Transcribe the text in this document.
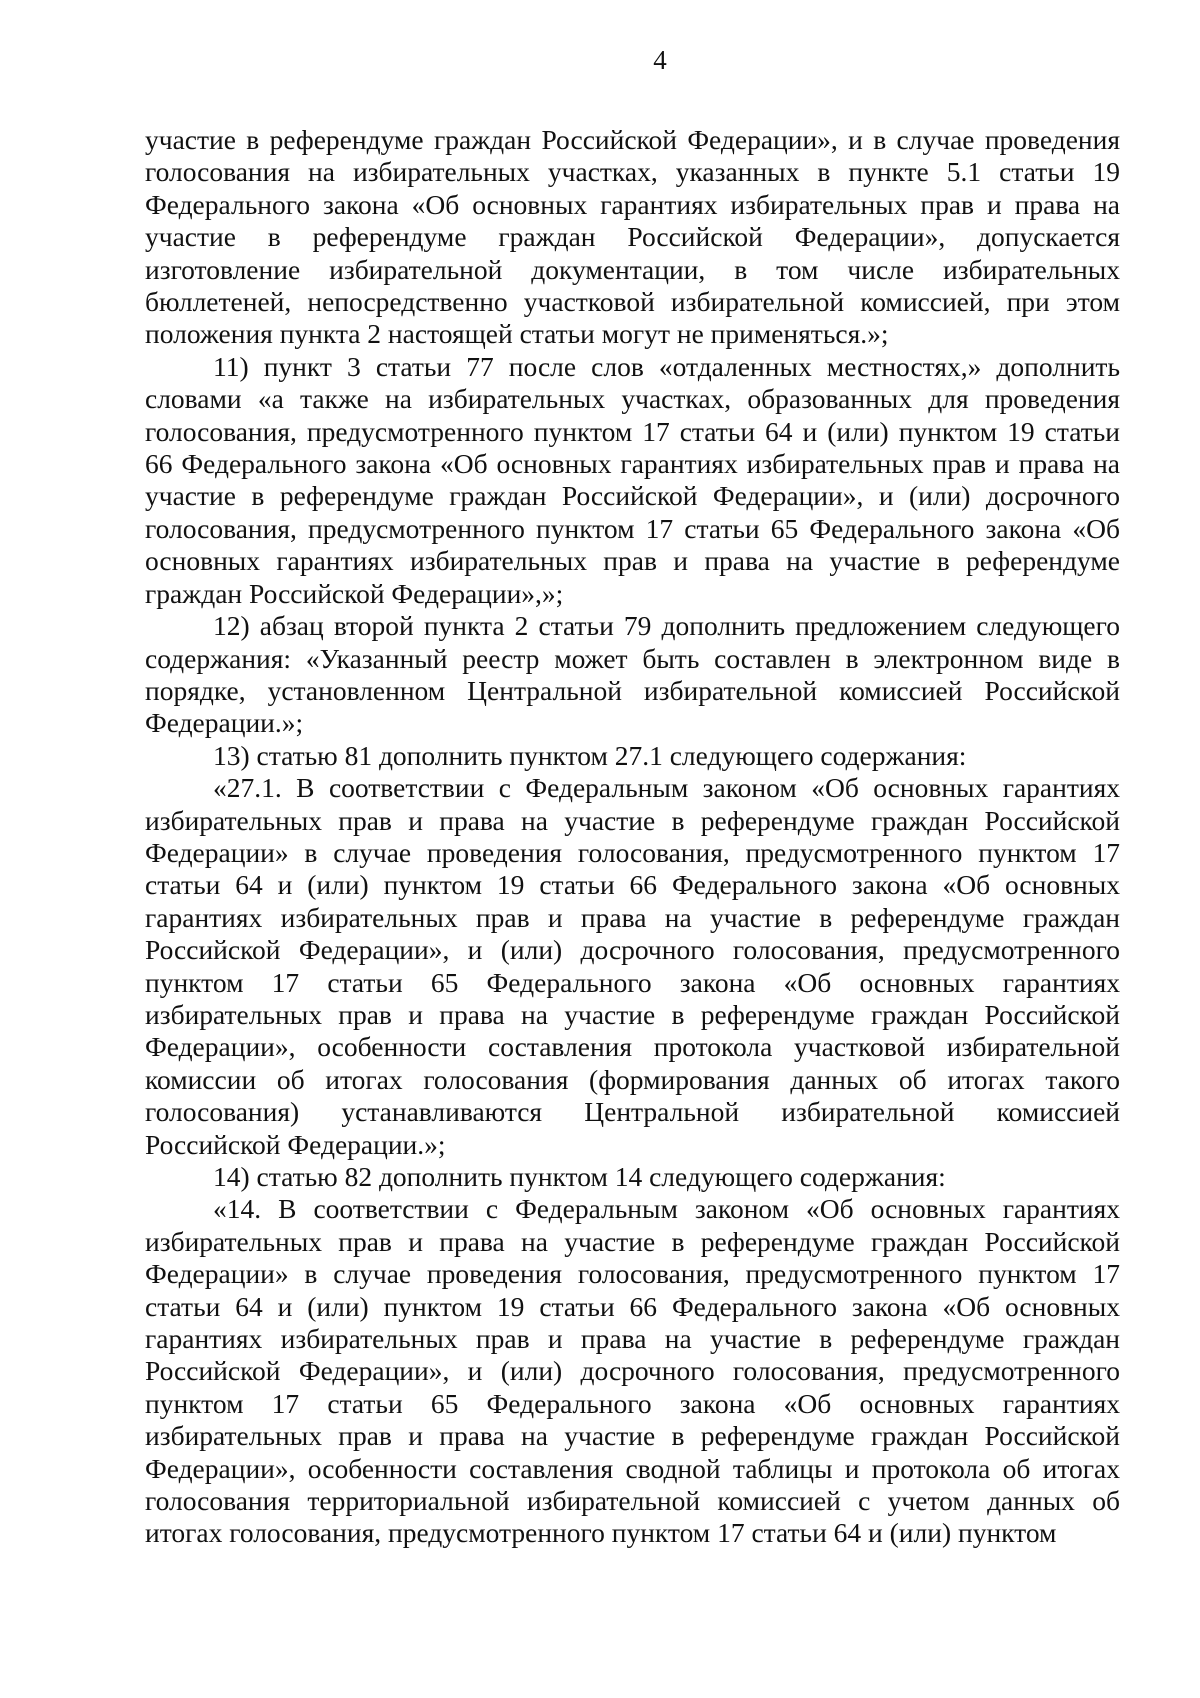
4

участие в референдуме граждан Российской Федерации», и в случае проведения голосования на избирательных участках, указанных в пункте 5.1 статьи 19 Федерального закона «Об основных гарантиях избирательных прав и права на участие в референдуме граждан Российской Федерации», допускается изготовление избирательной документации, в том числе избирательных бюллетеней, непосредственно участковой избирательной комиссией, при этом положения пункта 2 настоящей статьи могут не применяться.»;

11) пункт 3 статьи 77 после слов «отдаленных местностях,» дополнить словами «а также на избирательных участках, образованных для проведения голосования, предусмотренного пунктом 17 статьи 64 и (или) пунктом 19 статьи 66 Федерального закона «Об основных гарантиях избирательных прав и права на участие в референдуме граждан Российской Федерации», и (или) досрочного голосования, предусмотренного пунктом 17 статьи 65 Федерального закона «Об основных гарантиях избирательных прав и права на участие в референдуме граждан Российской Федерации»,»;

12) абзац второй пункта 2 статьи 79 дополнить предложением следующего содержания: «Указанный реестр может быть составлен в электронном виде в порядке, установленном Центральной избирательной комиссией Российской Федерации.»;

13) статью 81 дополнить пунктом 27.1 следующего содержания:

«27.1. В соответствии с Федеральным законом «Об основных гарантиях избирательных прав и права на участие в референдуме граждан Российской Федерации» в случае проведения голосования, предусмотренного пунктом 17 статьи 64 и (или) пунктом 19 статьи 66 Федерального закона «Об основных гарантиях избирательных прав и права на участие в референдуме граждан Российской Федерации», и (или) досрочного голосования, предусмотренного пунктом 17 статьи 65 Федерального закона «Об основных гарантиях избирательных прав и права на участие в референдуме граждан Российской Федерации», особенности составления протокола участковой избирательной комиссии об итогах голосования (формирования данных об итогах такого голосования) устанавливаются Центральной избирательной комиссией Российской Федерации.»;

14) статью 82 дополнить пунктом 14 следующего содержания:

«14. В соответствии с Федеральным законом «Об основных гарантиях избирательных прав и права на участие в референдуме граждан Российской Федерации» в случае проведения голосования, предусмотренного пунктом 17 статьи 64 и (или) пунктом 19 статьи 66 Федерального закона «Об основных гарантиях избирательных прав и права на участие в референдуме граждан Российской Федерации», и (или) досрочного голосования, предусмотренного пунктом 17 статьи 65 Федерального закона «Об основных гарантиях избирательных прав и права на участие в референдуме граждан Российской Федерации», особенности составления сводной таблицы и протокола об итогах голосования территориальной избирательной комиссией с учетом данных об итогах голосования, предусмотренного пунктом 17 статьи 64 и (или) пунктом
